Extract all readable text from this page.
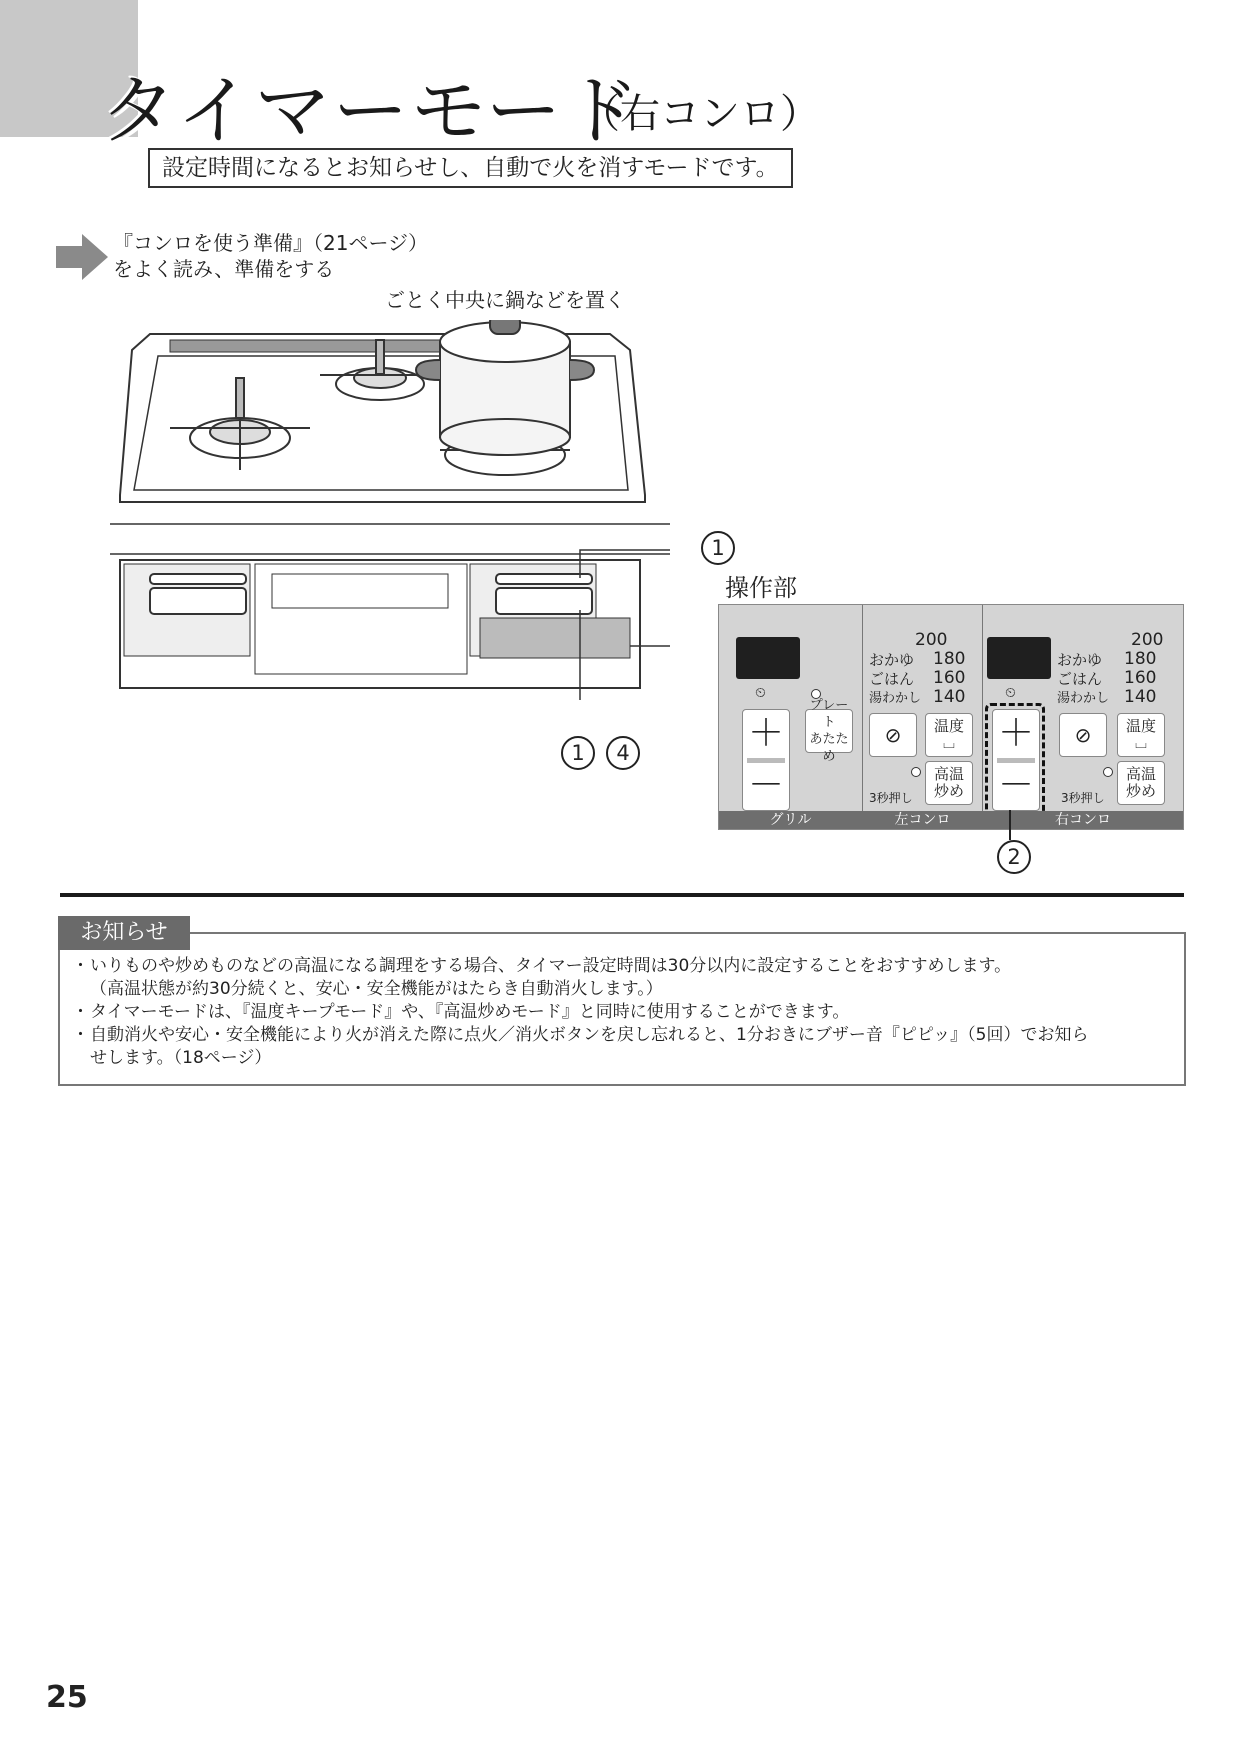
タイマーモード
（右コンロ）
設定時間になるとお知らせし、自動で火を消すモードです。
『コンロを使う準備』（21ページ）
をよく読み、準備をする
ごとく中央に鍋などを置く
操作部
1
1	4
⏲
＋
－
プレート
あたため
200
おかゆ 180
ごはん 160
湯わかし 140
⊘ 温度
⌴
3秒押し
高温
炒め
⏲
＋
－
200
おかゆ 180
ごはん 160
湯わかし 140
⊘ 温度
⌴
3秒押し
高温
炒め
グリル	左コンロ	右コンロ
2
お知らせ
・ いりものや炒めものなどの高温になる調理をする場合、タイマー設定時間は30分以内に設定することをおすすめします。
（高温状態が約30分続くと、安心・安全機能がはたらき自動消火します。）
・ タイマーモードは、『温度キープモード』や、『高温炒めモード』と同時に使用することができます。
・ 自動消火や安心・安全機能により火が消えた際に点火／消火ボタンを戻し忘れると、1分おきにブザー音『ピピッ』（5回）でお知ら
せします。（18ページ）
25
